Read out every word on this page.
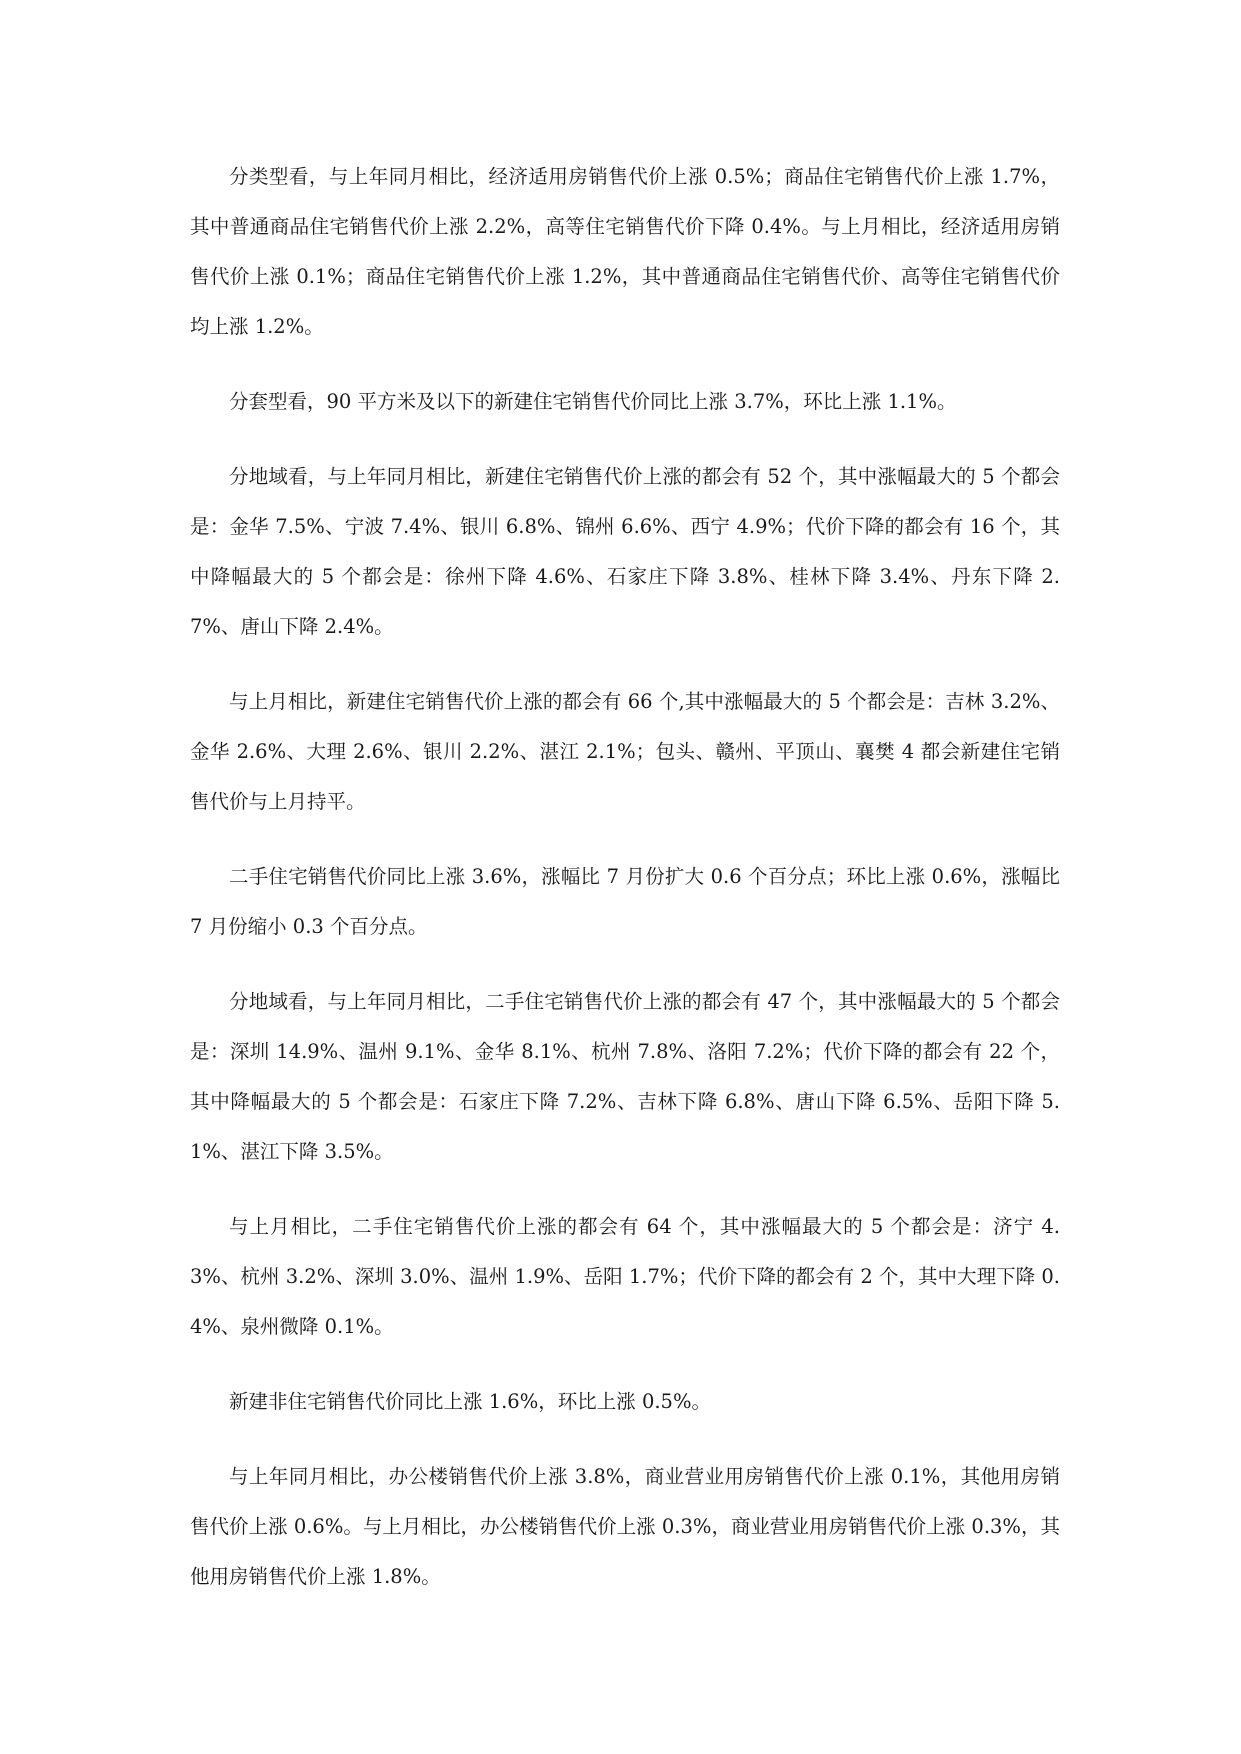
分类型看，与上年同月相比，经济适用房销售代价上涨 0.5%；商品住宅销售代价上涨 1.7%，其中普通商品住宅销售代价上涨 2.2%，高等住宅销售代价下降 0.4%。与上月相比，经济适用房销售代价上涨 0.1%；商品住宅销售代价上涨 1.2%，其中普通商品住宅销售代价、高等住宅销售代价均上涨 1.2%。

分套型看，90 平方米及以下的新建住宅销售代价同比上涨 3.7%，环比上涨 1.1%。

分地域看，与上年同月相比，新建住宅销售代价上涨的都会有 52 个，其中涨幅最大的 5 个都会是：金华 7.5%、宁波 7.4%、银川 6.8%、锦州 6.6%、西宁 4.9%；代价下降的都会有 16 个，其中降幅最大的 5 个都会是：徐州下降 4.6%、石家庄下降 3.8%、桂林下降 3.4%、丹东下降 2.7%、唐山下降 2.4%。

与上月相比，新建住宅销售代价上涨的都会有 66 个,其中涨幅最大的 5 个都会是：吉林 3.2%、金华 2.6%、大理 2.6%、银川 2.2%、湛江 2.1%；包头、赣州、平顶山、襄樊 4 都会新建住宅销售代价与上月持平。

二手住宅销售代价同比上涨 3.6%，涨幅比 7 月份扩大 0.6 个百分点；环比上涨 0.6%，涨幅比 7 月份缩小 0.3 个百分点。

分地域看，与上年同月相比，二手住宅销售代价上涨的都会有 47 个，其中涨幅最大的 5 个都会是：深圳 14.9%、温州 9.1%、金华 8.1%、杭州 7.8%、洛阳 7.2%；代价下降的都会有 22 个，其中降幅最大的 5 个都会是：石家庄下降 7.2%、吉林下降 6.8%、唐山下降 6.5%、岳阳下降 5.1%、湛江下降 3.5%。

与上月相比，二手住宅销售代价上涨的都会有 64 个，其中涨幅最大的 5 个都会是：济宁 4.3%、杭州 3.2%、深圳 3.0%、温州 1.9%、岳阳 1.7%；代价下降的都会有 2 个，其中大理下降 0.4%、泉州微降 0.1%。

新建非住宅销售代价同比上涨 1.6%，环比上涨 0.5%。

与上年同月相比，办公楼销售代价上涨 3.8%，商业营业用房销售代价上涨 0.1%，其他用房销售代价上涨 0.6%。与上月相比，办公楼销售代价上涨 0.3%，商业营业用房销售代价上涨 0.3%，其他用房销售代价上涨 1.8%。
